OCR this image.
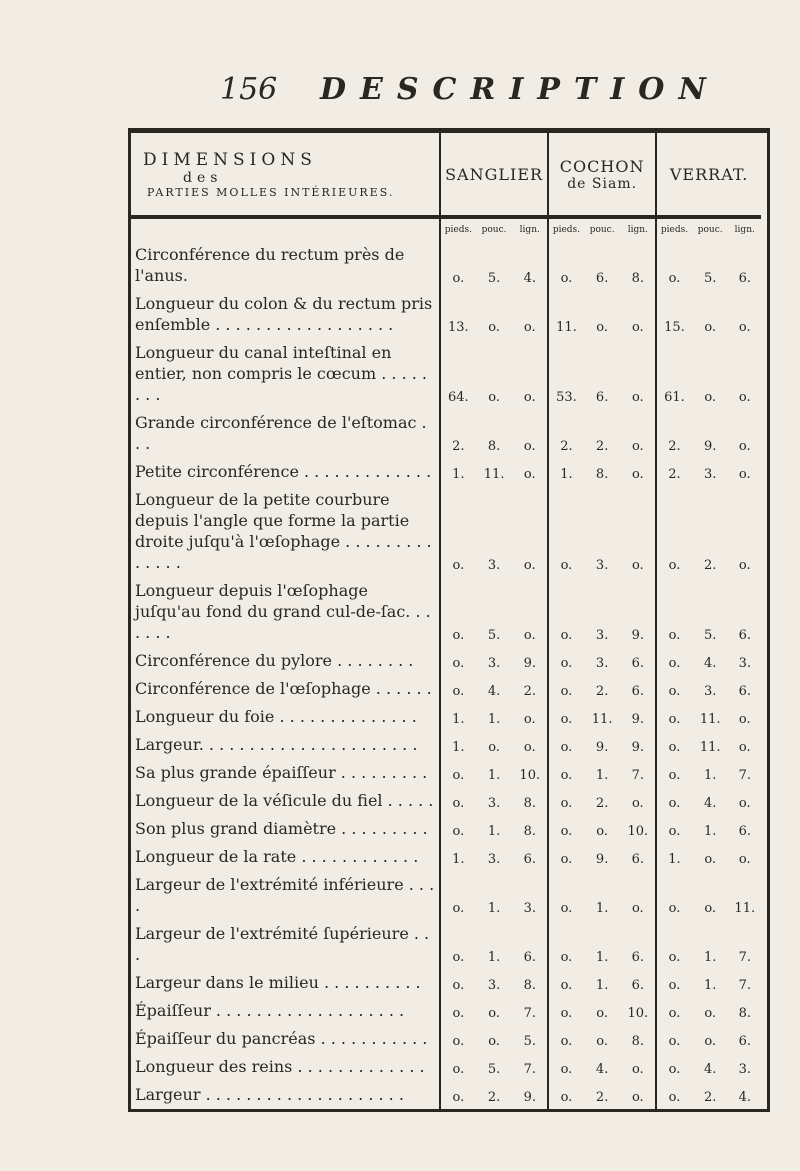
156 DESCRIPTION
DIMENSIONS
des
PARTIES MOLLES INTÉRIEURES.	SANGLIER			COCHON
de Siam.			VERRAT.		

	pieds.	pouc.	lign.	pieds.	pouc.	lign.	pieds.	pouc.	lign.
Circonférence du rectum près de l'anus.	o.	5.	4.	o.	6.	8.	o.	5.	6.
Longueur du colon & du rectum pris enſemble . . . . . . . . . . . . . . . . . .	13.	o.	o.	11.	o.	o.	15.	o.	o.
Longueur du canal inteſtinal en entier, non compris le cœcum . . . . . . . .	64.	o.	o.	53.	6.	o.	61.	o.	o.
Grande circonférence de l'eſtomac . . .	2.	8.	o.	2.	2.	o.	2.	9.	o.
Petite circonférence . . . . . . . . . . . . .	1.	11.	o.	1.	8.	o.	2.	3.	o.
Longueur de la petite courbure depuis l'angle que forme la partie droite juſqu'à l'œſophage . . . . . . . . . . . . . .	o.	3.	o.	o.	3.	o.	o.	2.	o.
Longueur depuis l'œſophage juſqu'au fond du grand cul-de-ſac. . . . . . .	o.	5.	o.	o.	3.	9.	o.	5.	6.
Circonférence du pylore . . . . . . . .	o.	3.	9.	o.	3.	6.	o.	4.	3.
Circonférence de l'œſophage . . . . . .	o.	4.	2.	o.	2.	6.	o.	3.	6.
Longueur du foie . . . . . . . . . . . . . .	1.	1.	o.	o.	11.	9.	o.	11.	o.
Largeur. . . . . . . . . . . . . . . . . . . . . .	1.	o.	o.	o.	9.	9.	o.	11.	o.
Sa plus grande épaiſſeur . . . . . . . . .	o.	1.	10.	o.	1.	7.	o.	1.	7.
Longueur de la véſicule du fiel . . . . .	o.	3.	8.	o.	2.	o.	o.	4.	o.
Son plus grand diamètre . . . . . . . . .	o.	1.	8.	o.	o.	10.	o.	1.	6.
Longueur de la rate . . . . . . . . . . . .	1.	3.	6.	o.	9.	6.	1.	o.	o.
Largeur de l'extrémité inférieure . . . .	o.	1.	3.	o.	1.	o.	o.	o.	11.
Largeur de l'extrémité ſupérieure . . .	o.	1.	6.	o.	1.	6.	o.	1.	7.
Largeur dans le milieu . . . . . . . . . .	o.	3.	8.	o.	1.	6.	o.	1.	7.
Épaiſſeur . . . . . . . . . . . . . . . . . . .	o.	o.	7.	o.	o.	10.	o.	o.	8.
Épaiſſeur du pancréas . . . . . . . . . . .	o.	o.	5.	o.	o.	8.	o.	o.	6.
Longueur des reins . . . . . . . . . . . . .	o.	5.	7.	o.	4.	o.	o.	4.	3.
Largeur . . . . . . . . . . . . . . . . . . . .	o.	2.	9.	o.	2.	o.	o.	2.	4.
